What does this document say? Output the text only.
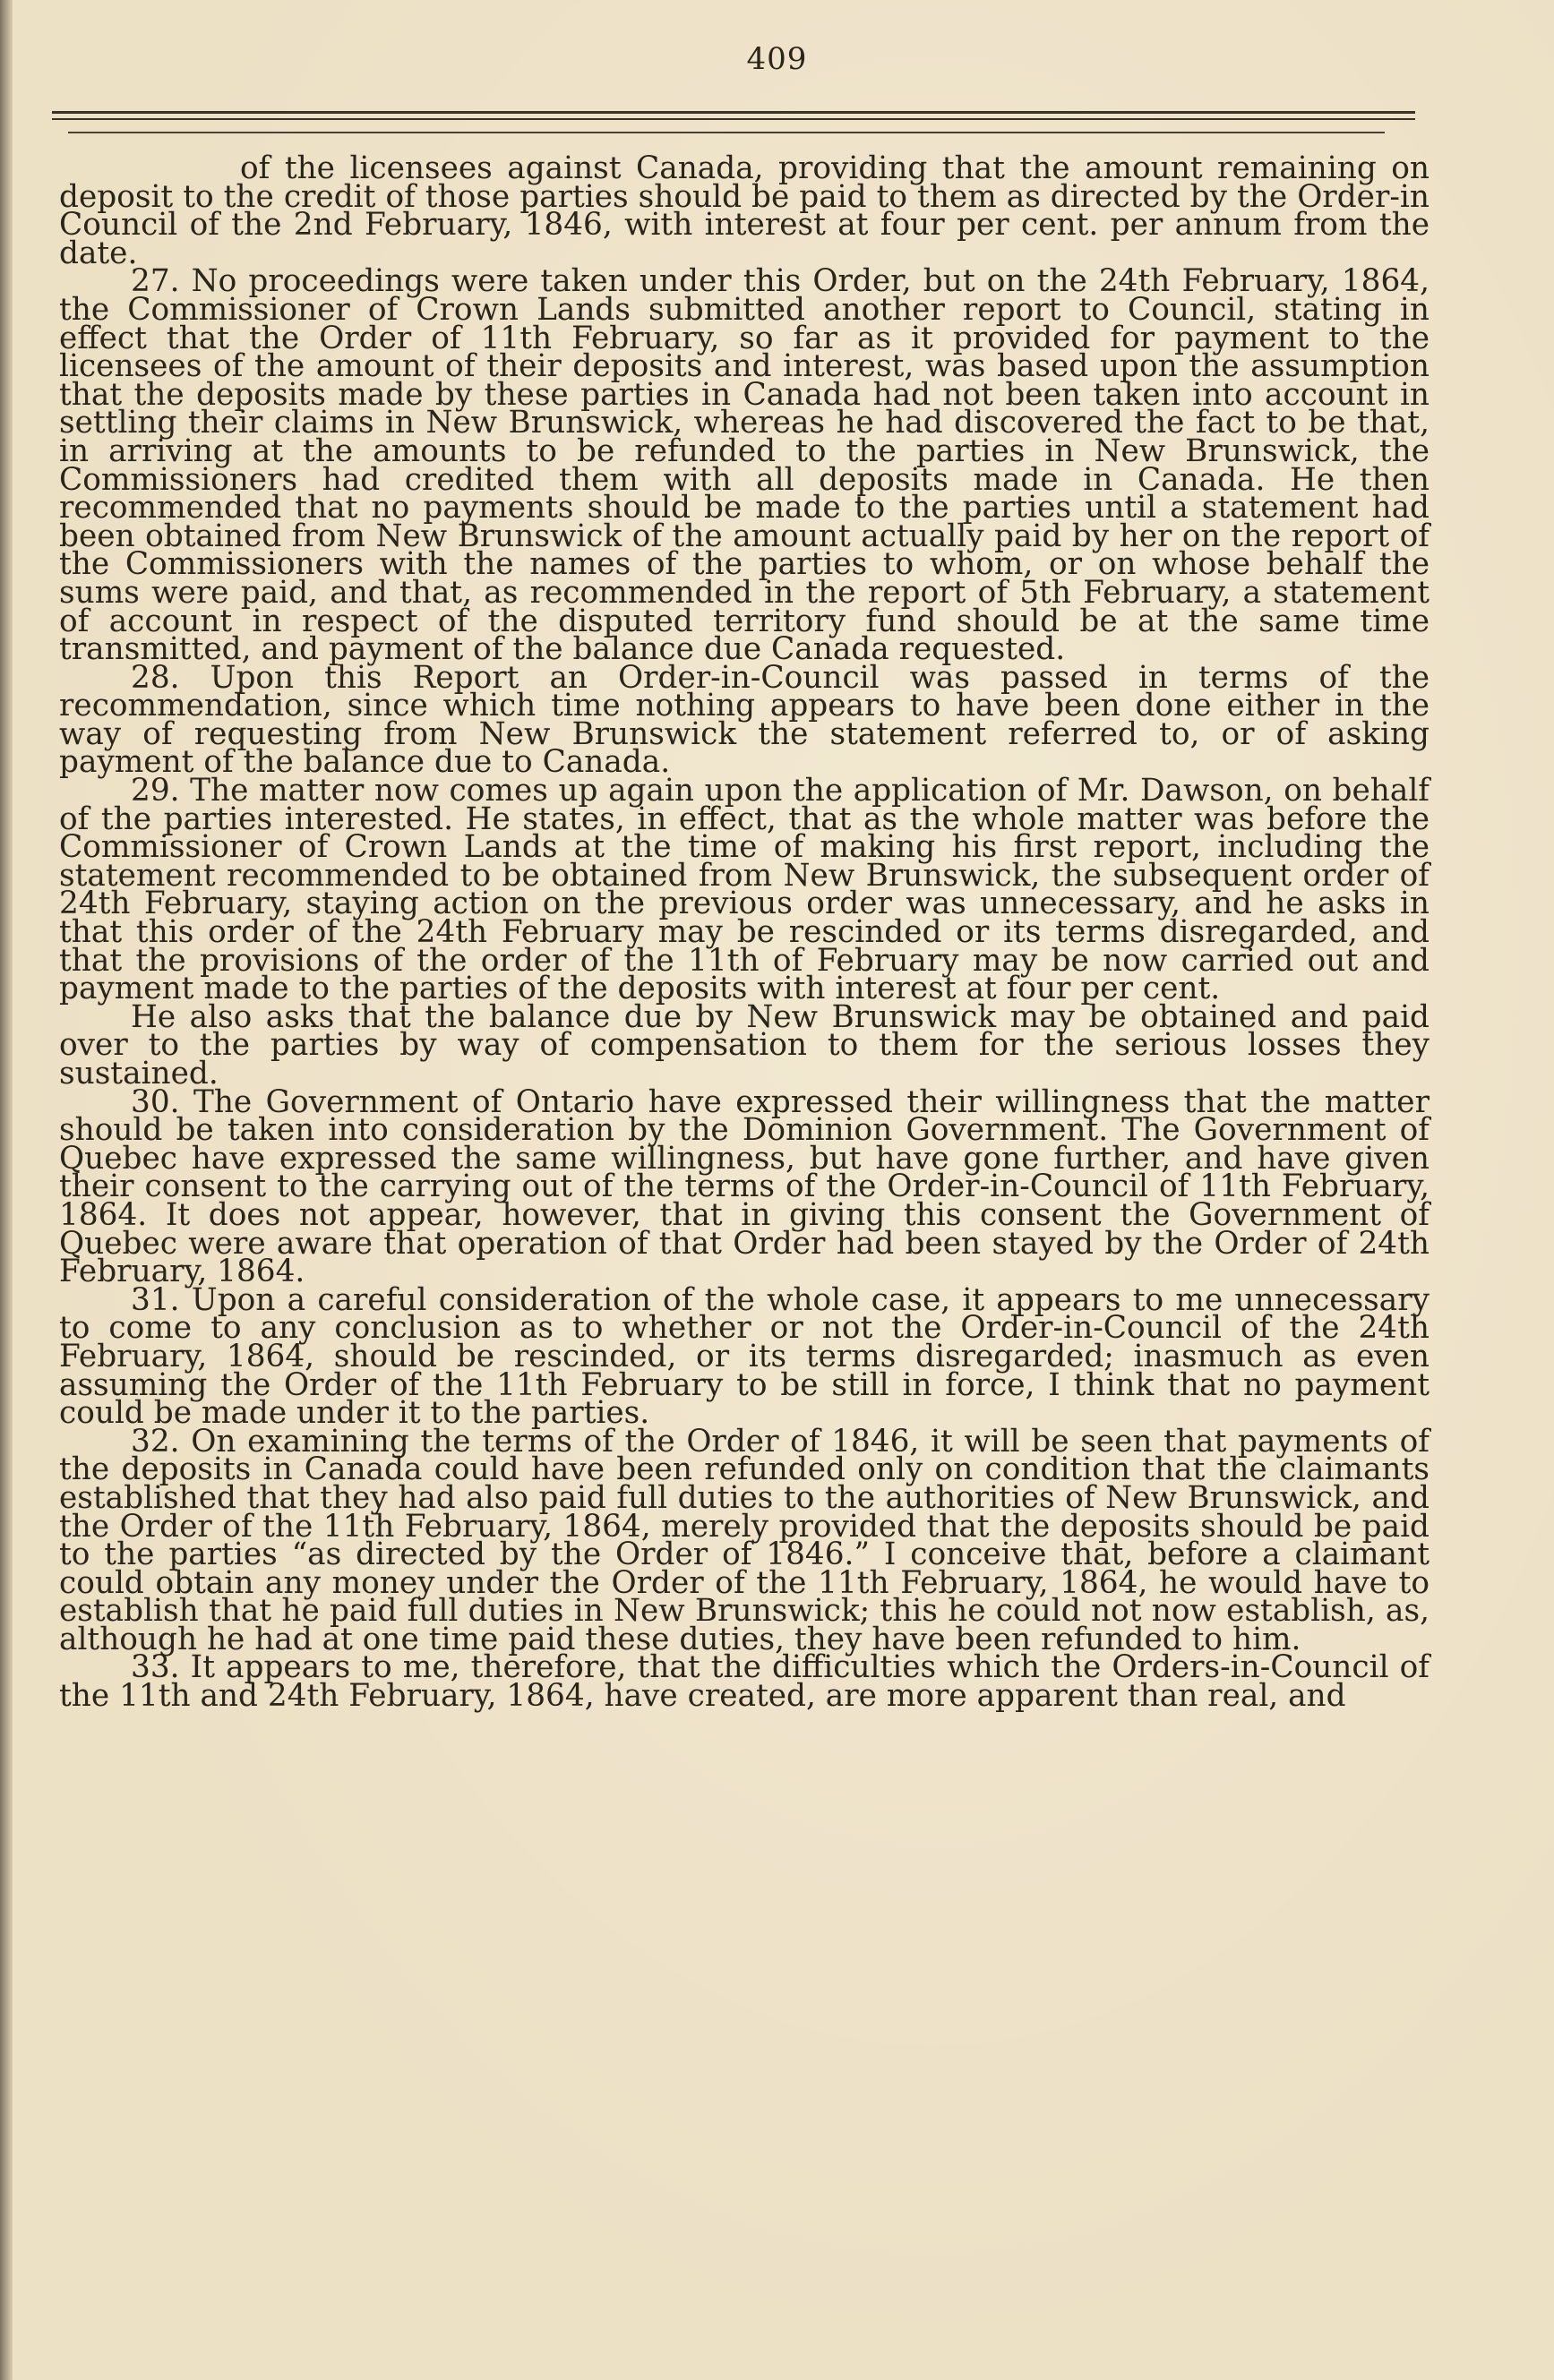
409

of the licensees against Canada, providing that the amount remaining on deposit to the credit of those parties should be paid to them as directed by the Order-in Council of the 2nd February, 1846, with interest at four per cent. per annum from the date.

27. No proceedings were taken under this Order, but on the 24th February, 1864, the Commissioner of Crown Lands submitted another report to Council, stating in effect that the Order of 11th February, so far as it provided for payment to the licensees of the amount of their deposits and interest, was based upon the assumption that the deposits made by these parties in Canada had not been taken into account in settling their claims in New Brunswick, whereas he had discovered the fact to be that, in arriving at the amounts to be refunded to the parties in New Brunswick, the Commissioners had credited them with all deposits made in Canada. He then recommended that no payments should be made to the parties until a statement had been obtained from New Brunswick of the amount actually paid by her on the report of the Commissioners with the names of the parties to whom, or on whose behalf the sums were paid, and that, as recommended in the report of 5th February, a statement of account in respect of the disputed territory fund should be at the same time transmitted, and payment of the balance due Canada requested.

28. Upon this Report an Order-in-Council was passed in terms of the recommendation, since which time nothing appears to have been done either in the way of requesting from New Brunswick the statement referred to, or of asking payment of the balance due to Canada.

29. The matter now comes up again upon the application of Mr. Dawson, on behalf of the parties interested. He states, in effect, that as the whole matter was before the Commissioner of Crown Lands at the time of making his first report, including the statement recommended to be obtained from New Brunswick, the subsequent order of 24th February, staying action on the previous order was unnecessary, and he asks in that this order of the 24th February may be rescinded or its terms disregarded, and that the provisions of the order of the 11th of February may be now carried out and payment made to the parties of the deposits with interest at four per cent.

He also asks that the balance due by New Brunswick may be obtained and paid over to the parties by way of compensation to them for the serious losses they sustained.

30. The Government of Ontario have expressed their willingness that the matter should be taken into consideration by the Dominion Government. The Government of Quebec have expressed the same willingness, but have gone further, and have given their consent to the carrying out of the terms of the Order-in-Council of 11th February, 1864. It does not appear, however, that in giving this consent the Government of Quebec were aware that operation of that Order had been stayed by the Order of 24th February, 1864.

31. Upon a careful consideration of the whole case, it appears to me unnecessary to come to any conclusion as to whether or not the Order-in-Council of the 24th February, 1864, should be rescinded, or its terms disregarded; inasmuch as even assuming the Order of the 11th February to be still in force, I think that no payment could be made under it to the parties.

32. On examining the terms of the Order of 1846, it will be seen that payments of the deposits in Canada could have been refunded only on condition that the claimants established that they had also paid full duties to the authorities of New Brunswick, and the Order of the 11th February, 1864, merely provided that the deposits should be paid to the parties “as directed by the Order of 1846.” I conceive that, before a claimant could obtain any money under the Order of the 11th February, 1864, he would have to establish that he paid full duties in New Brunswick; this he could not now establish, as, although he had at one time paid these duties, they have been refunded to him.

33. It appears to me, therefore, that the difficulties which the Orders-in-Council of the 11th and 24th February, 1864, have created, are more apparent than real, and
